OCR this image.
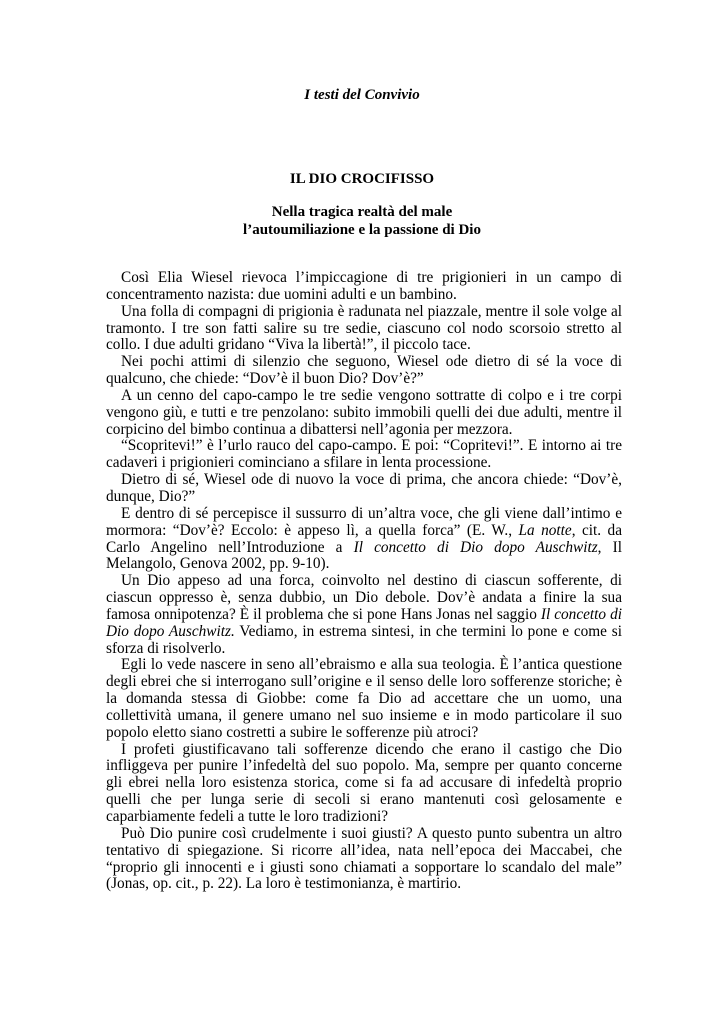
I testi del Convivio
IL DIO CROCIFISSO
Nella tragica realtà del male
l’autoumiliazione e la passione di Dio

Così Elia Wiesel rievoca l’impiccagione di tre prigionieri in un campo di concentramento nazista: due uomini adulti e un bambino.

Una folla di compagni di prigionia è radunata nel piazzale, mentre il sole volge al tramonto. I tre son fatti salire su tre sedie, ciascuno col nodo scorsoio stretto al collo. I due adulti gridano “Viva la libertà!”, il piccolo tace.

Nei pochi attimi di silenzio che seguono, Wiesel ode dietro di sé la voce di qualcuno, che chiede: “Dov’è il buon Dio? Dov’è?”

A un cenno del capo-campo le tre sedie vengono sottratte di colpo e i tre corpi vengono giù, e tutti e tre penzolano: subito immobili quelli dei due adulti, mentre il corpicino del bimbo continua a dibattersi nell’agonia per mezzora.

“Scopritevi!” è l’urlo rauco del capo-campo. E poi: “Copritevi!”. E intorno ai tre cadaveri i prigionieri cominciano a sfilare in lenta processione.

Dietro di sé, Wiesel ode di nuovo la voce di prima, che ancora chiede: “Dov’è, dunque, Dio?”

E dentro di sé percepisce il sussurro di un’altra voce, che gli viene dall’intimo e mormora: “Dov’è? Eccolo: è appeso lì, a quella forca” (E. W., La notte, cit. da Carlo Angelino nell’Introduzione a Il concetto di Dio dopo Auschwitz, Il Melangolo, Genova 2002, pp. 9-10).

Un Dio appeso ad una forca, coinvolto nel destino di ciascun sofferente, di ciascun oppresso è, senza dubbio, un Dio debole. Dov’è andata a finire la sua famosa onnipotenza? È il problema che si pone Hans Jonas nel saggio Il concetto di Dio dopo Auschwitz. Vediamo, in estrema sintesi, in che termini lo pone e come si sforza di risolverlo.

Egli lo vede nascere in seno all’ebraismo e alla sua teologia. È l’antica questione degli ebrei che si interrogano sull’origine e il senso delle loro sofferenze storiche; è la domanda stessa di Giobbe: come fa Dio ad accettare che un uomo, una collettività umana, il genere umano nel suo insieme e in modo particolare il suo popolo eletto siano costretti a subire le sofferenze più atroci?

I profeti giustificavano tali sofferenze dicendo che erano il castigo che Dio infliggeva per punire l’infedeltà del suo popolo. Ma, sempre per quanto concerne gli ebrei nella loro esistenza storica, come si fa ad accusare di infedeltà proprio quelli che per lunga serie di secoli si erano mantenuti così gelosamente e caparbiamente fedeli a tutte le loro tradizioni?

Può Dio punire così crudelmente i suoi giusti? A questo punto subentra un altro tentativo di spiegazione. Si ricorre all’idea, nata nell’epoca dei Maccabei, che “proprio gli innocenti e i giusti sono chiamati a sopportare lo scandalo del male” (Jonas, op. cit., p. 22). La loro è testimonianza, è martirio.
